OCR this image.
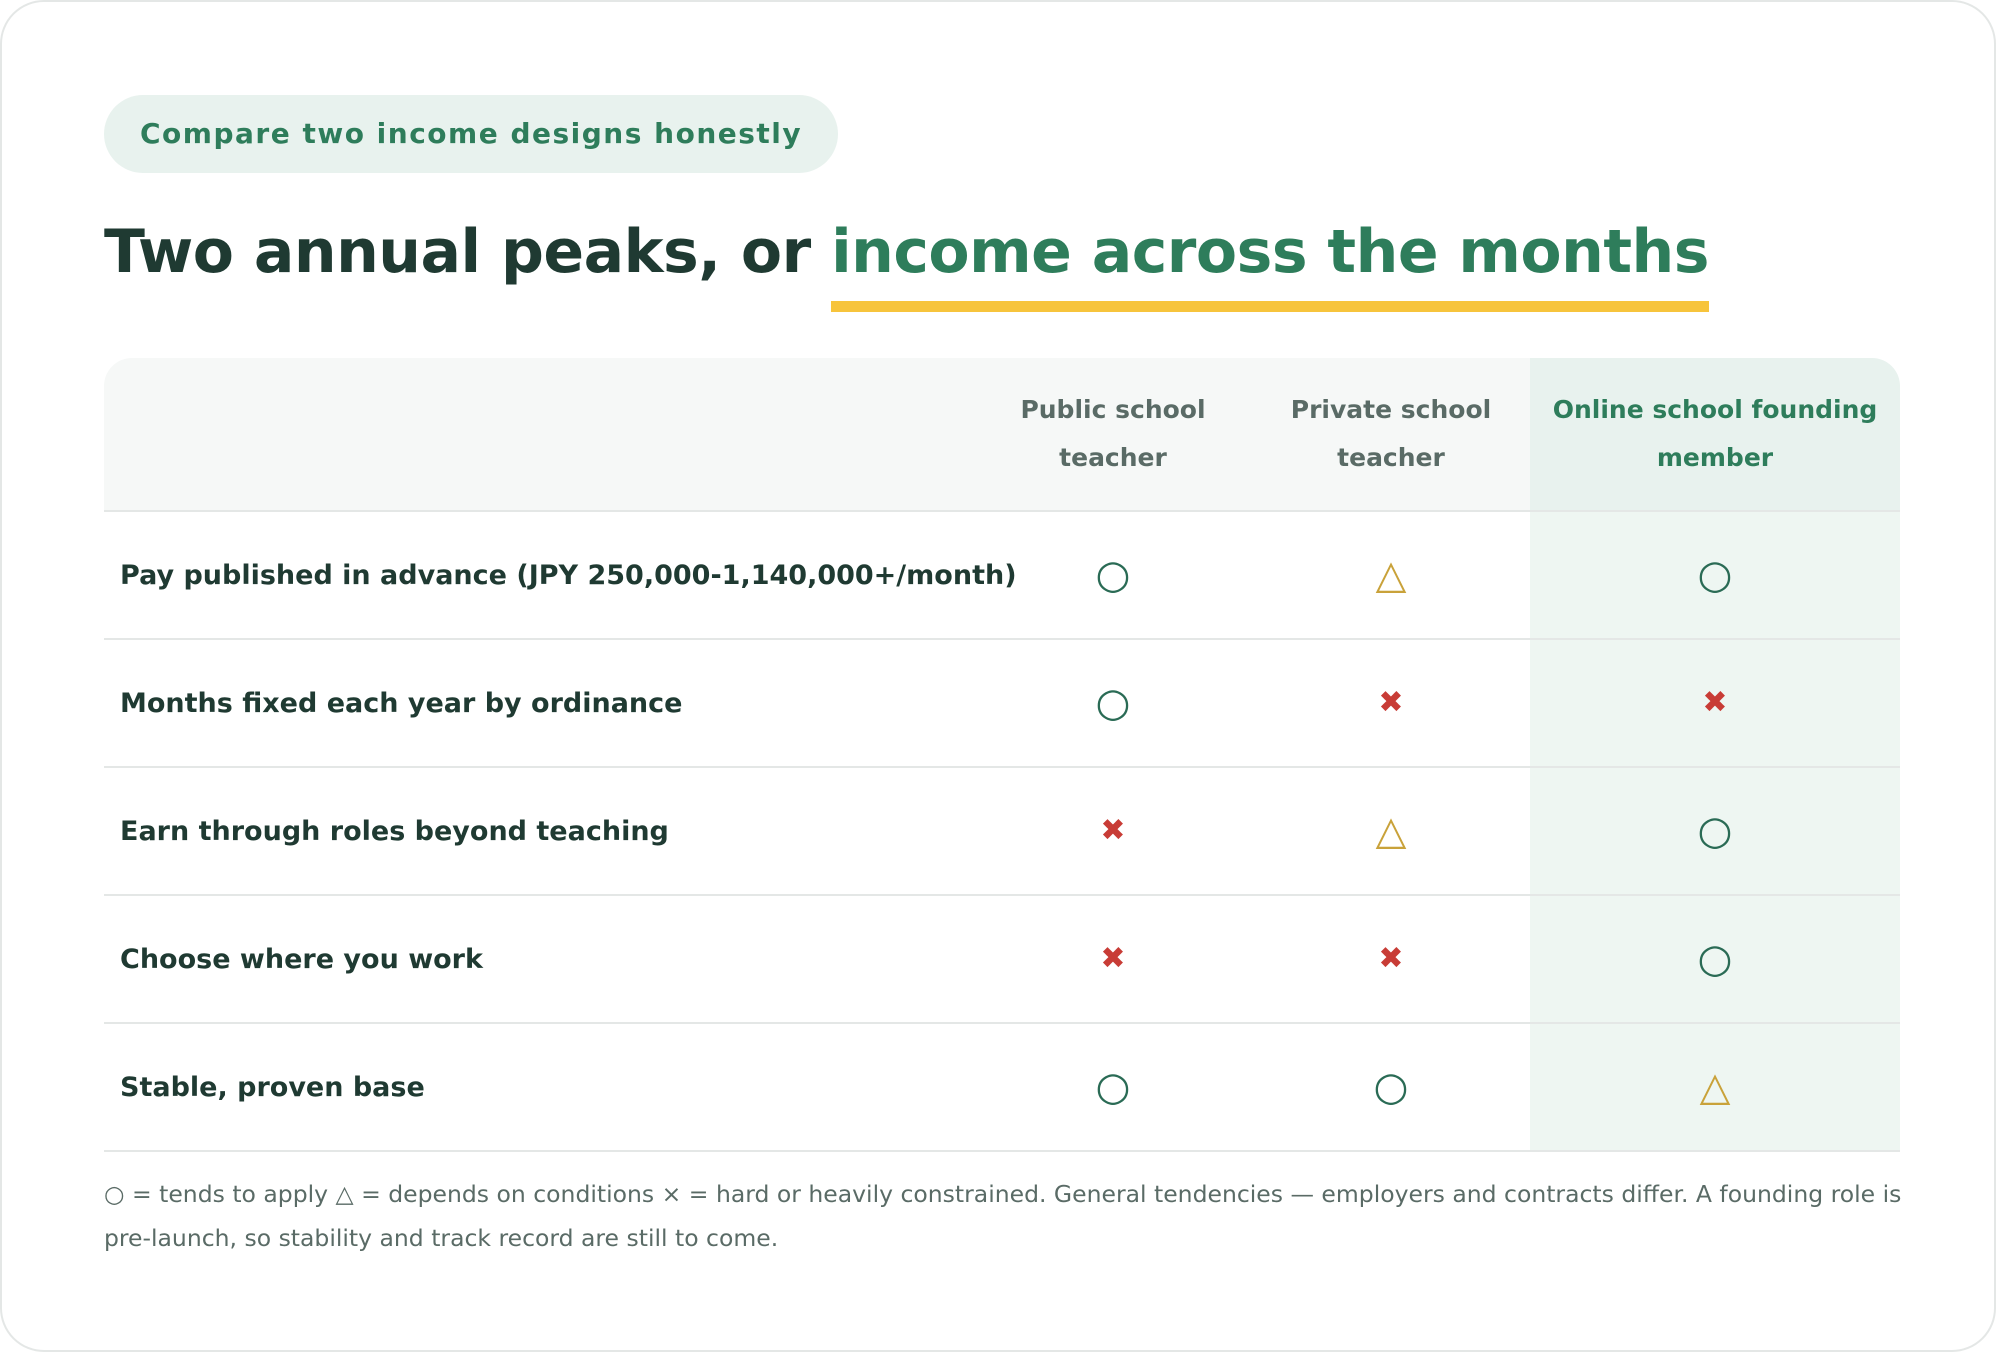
Compare two income designs honestly
Two annual peaks, or income across the months
	Public school teacher	Private school teacher	Online school founding member
Pay published in advance (JPY 250,000-1,140,000+/month)	○	△	○
Months fixed each year by ordinance	○	✖	✖
Earn through roles beyond teaching	✖	△	○
Choose where you work	✖	✖	○
Stable, proven base	○	○	△

○ = tends to apply △ = depends on conditions × = hard or heavily constrained. General tendencies — employers and contracts differ. A founding role is pre-launch, so stability and track record are still to come.
